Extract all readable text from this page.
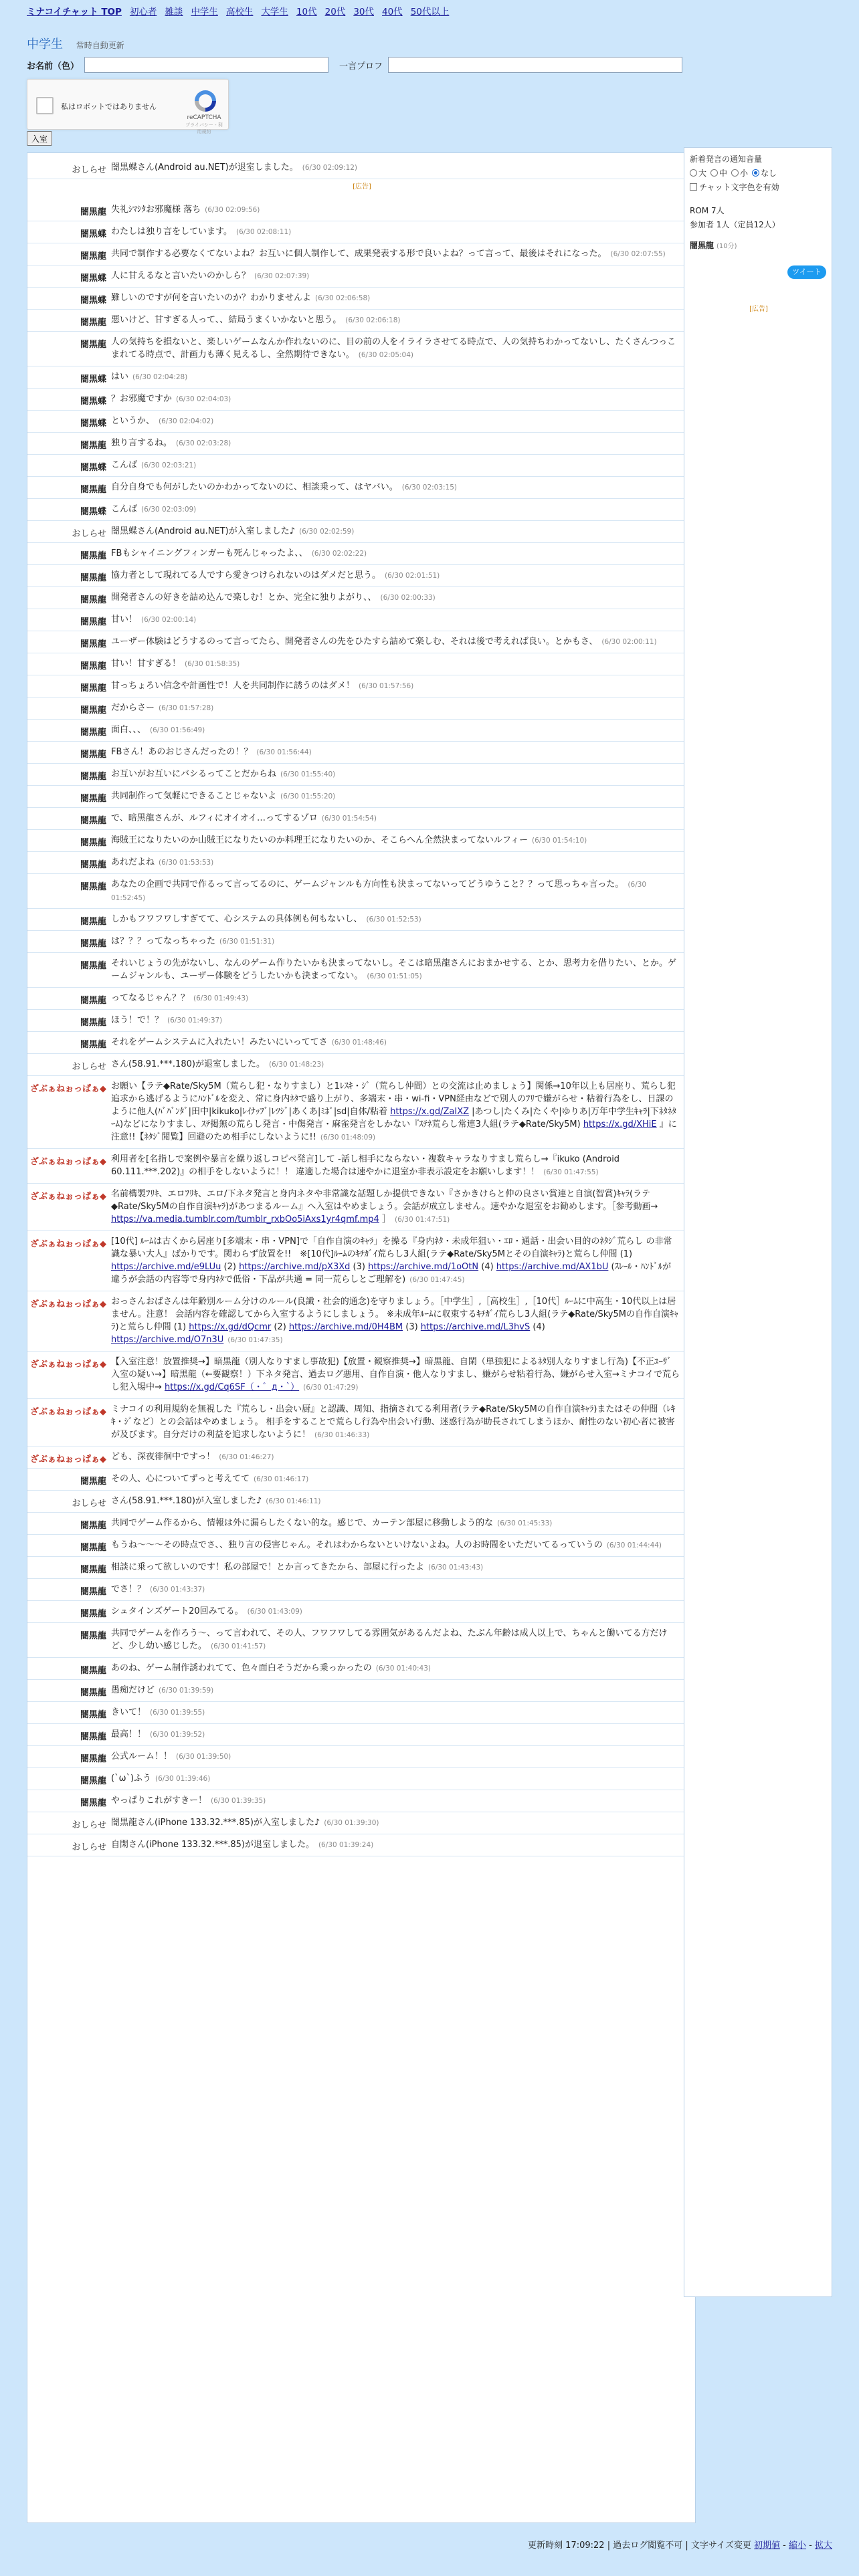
ミナコイチャット TOP 初心者 雑談 中学生 高校生 大学生 10代 20代 30代 40代 50代以上
中学生 常時自動更新
お名前（色）	一言プロフ
私はロボットではありません
reCAPTCHA
プライバシー - 利用規約
入室
おしらせ 闇黒蝶さん(Android au.NET)が退室しました。 (6/30 02:09:12)
[広告]
闇黒龍 失礼ｼﾏｼﾀお邪魔様 落ち (6/30 02:09:56)
闇黒蝶 わたしは独り言をしています。 (6/30 02:08:11)
闇黒龍 共同で制作する必要なくてないよね？お互いに個人制作して、成果発表する形で良いよね？って言って、最後はそれになった。 (6/30 02:07:55)
闇黒蝶 人に甘えるなと言いたいのかしら？ (6/30 02:07:39)
闇黒蝶 難しいのですが何を言いたいのか？わかりませんよ (6/30 02:06:58)
闇黒龍 悪いけど、甘すぎる人って、、結局うまくいかないと思う。 (6/30 02:06:18)
闇黒龍 人の気持ちを損ないと、楽しいゲームなんか作れないのに、目の前の人をイライラさせてる時点で、人の気持ちわかってないし、たくさんつっこまれてる時点で、計画力も薄く見えるし、全然期待できない。 (6/30 02:05:04)
闇黒蝶 はい (6/30 02:04:28)
闇黒蝶 ？お邪魔ですか (6/30 02:04:03)
闇黒蝶 というか、 (6/30 02:04:02)
闇黒龍 独り言するね。 (6/30 02:03:28)
闇黒蝶 こんば (6/30 02:03:21)
闇黒龍 自分自身でも何がしたいのかわかってないのに、相談乗って、はヤバい。 (6/30 02:03:15)
闇黒蝶 こんば (6/30 02:03:09)
おしらせ 闇黒蝶さん(Android au.NET)が入室しました♪ (6/30 02:02:59)
闇黒龍 FBもシャイニングフィンガーも死んじゃったよ、、 (6/30 02:02:22)
闇黒龍 協力者として現れてる人ですら愛きつけられないのはダメだと思う。 (6/30 02:01:51)
闇黒龍 開発者さんの好きを詰め込んで楽しむ！とか、完全に独りよがり、、 (6/30 02:00:33)
闇黒龍 甘い！ (6/30 02:00:14)
闇黒龍 ユーザー体験はどうするのって言ってたら、開発者さんの先をひたすら詰めて楽しむ、それは後で考えれば良い。とかもさ、 (6/30 02:00:11)
闇黒龍 甘い！甘すぎる！ (6/30 01:58:35)
闇黒龍 甘っちょろい信念や計画性で！人を共同制作に誘うのはダメ！ (6/30 01:57:56)
闇黒龍 だからさー (6/30 01:57:28)
闇黒龍 面白、、、 (6/30 01:56:49)
闇黒龍 FBさん！あのおじさんだったの！？ (6/30 01:56:44)
闇黒龍 お互いがお互いにバシるってことだからね (6/30 01:55:40)
闇黒龍 共同制作って気軽にできることじゃないよ (6/30 01:55:20)
闇黒龍 で、暗黒龍さんが、ルフィにオイオイ…ってするゾロ (6/30 01:54:54)
闇黒龍 海賊王になりたいのか山賊王になりたいのか料理王になりたいのか、そこらへん全然決まってないルフィー (6/30 01:54:10)
闇黒龍 あれだよね (6/30 01:53:53)
闇黒龍 あなたの企画で共同で作るって言ってるのに、ゲームジャンルも方向性も決まってないってどうゆうこと？？って思っちゃ言った。 (6/30 01:52:45)
闇黒龍 しかもフワフワしすぎてて、心システムの具体例も何もないし、 (6/30 01:52:53)
闇黒龍 は？？？ってなっちゃった (6/30 01:51:31)
闇黒龍 それいじょうの先がないし、なんのゲーム作りたいかも決まってないし。そこは暗黒龍さんにおまかせする、とか、思考力を借りたい、とか。ゲームジャンルも、ユーザー体験をどうしたいかも決まってない。 (6/30 01:51:05)
闇黒龍 ってなるじゃん？？ (6/30 01:49:43)
闇黒龍 ほう！で！？ (6/30 01:49:37)
闇黒龍 それをゲームシステムに入れたい！みたいにいっててさ (6/30 01:48:46)
おしらせ さん(58.91.***.180)が退室しました。 (6/30 01:48:23)
ざぶぁねぉっぱぁ◆ お願い【ラテ◆Rate/Sky5M（荒らし犯・なりすまし）と1ﾚｽｷ・ｼﾞ（荒らし仲間）との交流は止めましょう】関係→10年以上も居座り、荒らし犯追求から逃げるようにﾊﾝﾄﾞﾙを変え、常に身内ﾈﾀで盛り上がり、多端末・串・wi-fi・VPN経由などで別人のﾌﾘで嫌がらせ・粘着行為をし、日課のように他人(ﾊﾞﾊﾞﾝﾀﾞ|田中|kikuko|ﾚｲﾅｯﾌﾞ|ﾚﾂｼﾞ|あくあ|ﾐﾎﾟ|sd|自体/粘着 https://x.gd/ZaIXZ |あつし|たくみ|たくや|ゆりあ|万年中学生ｷｬﾗ|下ﾈﾀﾈﾀｰﾑ)などになりすまし、ｽﾃ掲無の荒らし発言・中傷発言・麻雀発言をしかない『ｽﾃﾈ荒らし常連3人組(ラテ◆Rate/Sky5M) https://x.gd/XHiE 』に注意!!【ﾈﾀｼﾞ閲覧】回避のため相手にしないように!! (6/30 01:48:09)
ざぶぁねぉっぱぁ◆ 利用者を[名指しで案例や暴言を繰り返しコピペ発言]して -話し相手にならない・複数キャラなりすまし荒らし→『ikuko (Android 60.111.***.202)』の相手をしないように！！ 違適した場合は速やかに退室か非表示設定をお願いします！！ (6/30 01:47:55)
ざぶぁねぉっぱぁ◆ 名前構製ﾌﾘｷ、エロﾌﾘｷ、エロ/下ネタ発言と身内ネタや非常識な話題しか提供できない『さかきけらと仲の良さい賞連と自演(智賞)ｷｬﾗ(ラテ◆Rate/Sky5Mの自作自演ｷｬﾗ)があつまるルーム』へ入室はやめましょう。会話が成立しません。速やかな退室をお勧めします。［参考動画→ https://va.media.tumblr.com/tumblr_rxbOo5iAxs1yr4qmf.mp4 ］ (6/30 01:47:51)
ざぶぁねぉっぱぁ◆ [10代] ﾙｰﾑは古くから居座り[多端末・串・VPN]で「自作自演のｷｬﾗ」を操る『身内ﾈﾀ・未成年狙い・ｴﾛ・通話・出会い目的のﾈﾀｼﾞ荒らし の非常識な暴い大人』ばかりです。関わらず放置を!!　※[10代]ﾙｰﾑのｷﾁｶﾞｲ荒らし3人組(ラテ◆Rate/Sky5Mとその自演ｷｬﾗ)と荒らし仲間 (1) https://archive.md/e9LUu (2) https://archive.md/pX3Xd (3) https://archive.md/1oOtN (4) https://archive.md/AX1bU (ｽﾚｰﾙ・ﾊﾝﾄﾞﾙが違うが会話の内容等で身内ﾈﾀで低俗・下品が共通 = 同一荒らしとご理解を) (6/30 01:47:45)
ざぶぁねぉっぱぁ◆ おっさんおばさんは年齢別ルーム分けのルール(良識・社会的通念)を守りましょう。［中学生］,［高校生］,［10代］ﾙｰﾑに中高生・10代以上は居ません。注意！ 会話内容を確認してから入室するようにしましょう。 ※未成年ﾙｰﾑに収束するｷﾁｶﾞｲ荒らし3人組(ラテ◆Rate/Sky5Mの自作自演ｷｬﾗ)と荒らし仲間 (1) https://x.gd/dQcmr (2) https://archive.md/0H4BM (3) https://archive.md/L3hvS (4) https://archive.md/O7n3U (6/30 01:47:35)
ざぶぁねぉっぱぁ◆ 【入室注意！放置推奨→】暗黒龍（別人なりすまし事故犯)【放置・観察推奨→】暗黒龍、自閑（単独犯によるﾈﾀ別人なりすまし行為)【不正ﾕｰｻﾞ入室の疑い→】暗黒龍（←要観察！）下ネタ発言、過去ログ悪用、自作自演・他人なりすまし、嫌がらせ粘着行為、嫌がらせ入室→ミナコイで荒らし犯入場中→ https://x.gd/Cq6SF（・゛д・`） (6/30 01:47:29)
ざぶぁねぉっぱぁ◆ ミナコイの利用規約を無視した『荒らし・出会い厨』と認識、周知、指摘されてる利用者(ラテ◆Rate/Sky5Mの自作自演ｷｬﾗ)またはその仲間（ﾚｷｷ・ｼﾞなど）との会話はやめましょう。 相手をすることで荒らし行為や出会い行動、迷惑行為が助長されてしまうほか、耐性のない初心者に被害が及びます。自分だけの利益を追求しないように！ (6/30 01:46:33)
ざぶぁねぉっぱぁ◆ ども、深夜徘徊中ですっ！ (6/30 01:46:27)
闇黒龍 その人、心についてずっと考えてて (6/30 01:46:17)
おしらせ さん(58.91.***.180)が入室しました♪ (6/30 01:46:11)
闇黒龍 共同でゲーム作るから、情報は外に漏らしたくない的な。感じで、カーテン部屋に移動しよう的な (6/30 01:45:33)
闇黒龍 もうね〜〜〜その時点でさ、、独り言の侵害じゃん。それはわからないといけないよね。人のお時間をいただいてるっていうの (6/30 01:44:44)
闇黒龍 相談に乗って欲しいのです！私の部屋で！とか言ってきたから、部屋に行ったよ (6/30 01:43:43)
闇黒龍 でさ！？ (6/30 01:43:37)
闇黒龍 シュタインズゲート20回みてる。 (6/30 01:43:09)
闇黒龍 共同でゲームを作ろう〜、って言われて、その人、フワフワしてる雰囲気があるんだよね、たぶん年齢は成人以上で、ちゃんと働いてる方だけど、少し幼い感じした。 (6/30 01:41:57)
闇黒龍 あのね、ゲーム制作誘われてて、色々面白そうだから乗っかったの (6/30 01:40:43)
闇黒龍 愚痴だけど (6/30 01:39:59)
闇黒龍 きいて！ (6/30 01:39:55)
闇黒龍 最高！！ (6/30 01:39:52)
闇黒龍 公式ルーム！！ (6/30 01:39:50)
闇黒龍 (`ω`)ふう (6/30 01:39:46)
闇黒龍 やっぱりこれがすきー！ (6/30 01:39:35)
おしらせ 闇黒龍さん(iPhone 133.32.***.85)が入室しました♪ (6/30 01:39:30)
おしらせ 自閑さん(iPhone 133.32.***.85)が退室しました。 (6/30 01:39:24)
新着発言の通知音量
大	中	小	なし
チャット文字色を有効
ROM 7人
参加者 1人（定員12人）
闇黒龍 (10分)
ツイート
[広告]
更新時刻 17:09:22 | 過去ログ閲覧不可 | 文字サイズ変更 初期値 - 縮小 - 拡大
